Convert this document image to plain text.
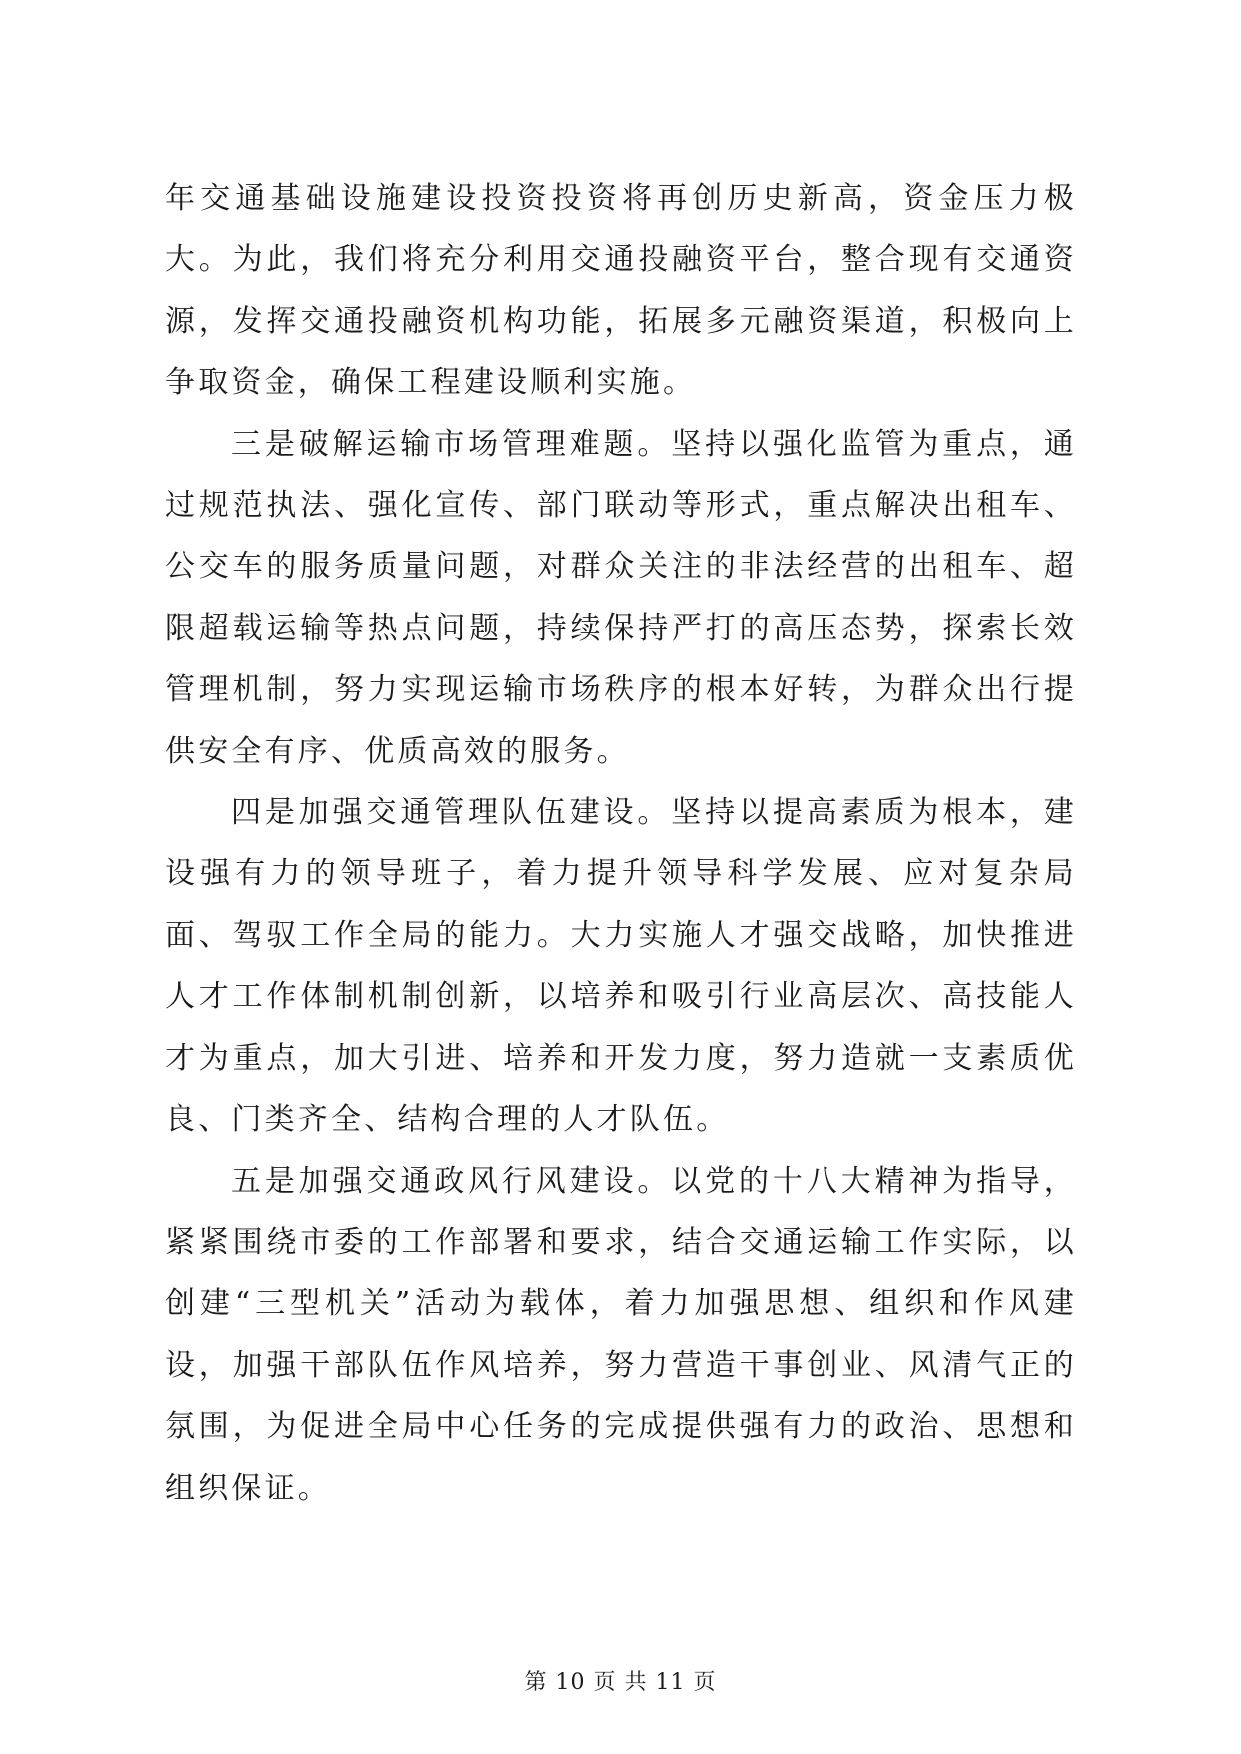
年交通基础设施建设投资投资将再创历史新高，资金压力极大。为此，我们将充分利用交通投融资平台，整合现有交通资源，发挥交通投融资机构功能，拓展多元融资渠道，积极向上争取资金，确保工程建设顺利实施。

三是破解运输市场管理难题。坚持以强化监管为重点，通过规范执法、强化宣传、部门联动等形式，重点解决出租车、公交车的服务质量问题，对群众关注的非法经营的出租车、超限超载运输等热点问题，持续保持严打的高压态势，探索长效管理机制，努力实现运输市场秩序的根本好转，为群众出行提供安全有序、优质高效的服务。

四是加强交通管理队伍建设。坚持以提高素质为根本，建设强有力的领导班子，着力提升领导科学发展、应对复杂局面、驾驭工作全局的能力。大力实施人才强交战略，加快推进人才工作体制机制创新，以培养和吸引行业高层次、高技能人才为重点，加大引进、培养和开发力度，努力造就一支素质优良、门类齐全、结构合理的人才队伍。

五是加强交通政风行风建设。以党的十八大精神为指导，紧紧围绕市委的工作部署和要求，结合交通运输工作实际，以创建“三型机关”活动为载体，着力加强思想、组织和作风建设，加强干部队伍作风培养，努力营造干事创业、风清气正的氛围，为促进全局中心任务的完成提供强有力的政治、思想和组织保证。

第 10 页 共 11 页
